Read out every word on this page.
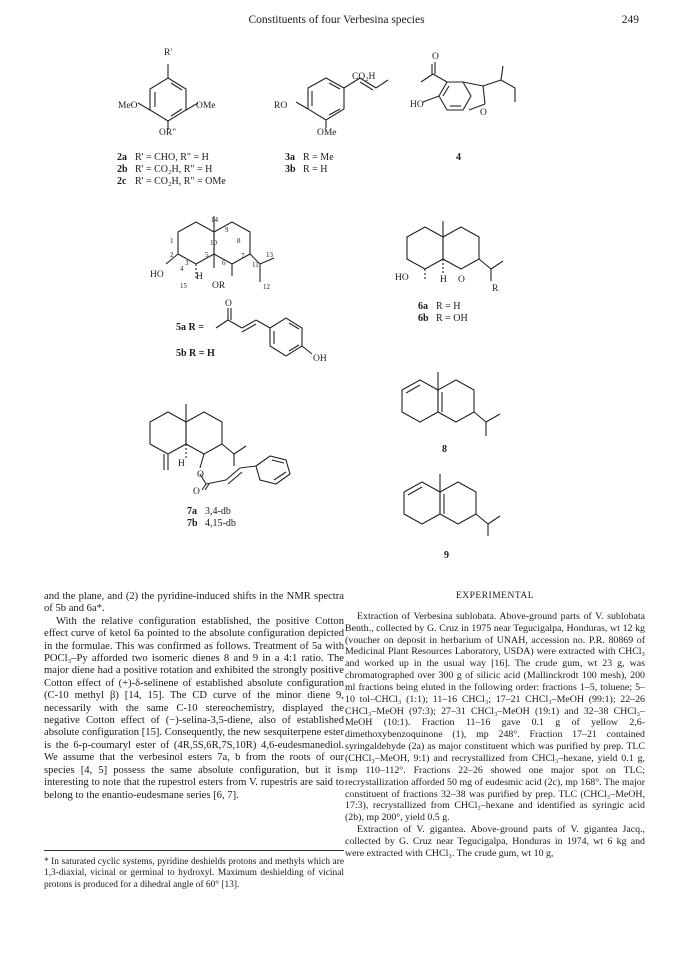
Constituents of four Verbesina species	249
R'
MeO	OMe
OR"
2a R' = CHO, R" = H
2b R' = CO₂H, R" = H
2c R' = CO₂H, R" = OMe
CO₂H
RO
OMe
3a R = Me
3b R = H
O
HO
O
4
14
1
9
10	8
2
3
5
6
7
4	11
13
15	12
HO	H
OR
5a R =
O
OH
5b R = H
HO	H O
R
6a R = H
6b R = OH
H
O
O
7a 3,4-db
7b 4,15-db
8
9

and the plane, and (2) the pyridine-induced shifts in the NMR spectra of 5b and 6a*.

With the relative configuration established, the positive Cotton effect curve of ketol 6a pointed to the absolute configuration depicted in the formulae. This was confirmed as follows. Treatment of 5a with POCl₃–Py afforded two isomeric dienes 8 and 9 in a 4:1 ratio. The major diene had a positive rotation and exhibited the strongly positive Cotton effect of (+)-δ-selinene of established absolute configuration (C-10 methyl β) [14, 15]. The CD curve of the minor diene 9, necessarily with the same C-10 stereochemistry, displayed the negative Cotton effect of (−)-selina-3,5-diene, also of established absolute configuration [15]. Consequently, the new sesquiterpene ester is the 6-p-coumaryl ester of (4R,5S,6R,7S,10R) 4,6-eudesmanediol. We assume that the verbesinol esters 7a, b from the roots of our species [4, 5] possess the same absolute configuration, but it is interesting to note that the rupestrol esters from V. rupestris are said to belong to the enantio-eudesmane series [6, 7].

* In saturated cyclic systems, pyridine deshields protons and methyls which are 1,3-diaxial, vicinal or germinal to hydroxyl. Maximum deshielding of vicinal protons is produced for a dihedral angle of 60° [13].

EXPERIMENTAL

Extraction of Verbesina sublobata. Above-ground parts of V. sublobata Benth., collected by G. Cruz in 1975 near Tegucigalpa, Honduras, wt 12 kg (voucher on deposit in herbarium of UNAH, accession no. P.R. 80869 of Medicinal Plant Resources Laboratory, USDA) were extracted with CHCl₃ and worked up in the usual way [16]. The crude gum, wt 23 g, was chromatographed over 300 g of silicic acid (Mallinckrodt 100 mesh), 200 ml fractions being eluted in the following order: fractions 1–5, toluene; 5–10 tol–CHCl₃ (1:1); 11–16 CHCl₃; 17–21 CHCl₃–MeOH (99:1); 22–26 CHCl₃–MeOH (97:3); 27–31 CHCl₃–MeOH (19:1) and 32–38 CHCl₃–MeOH (10:1). Fraction 11–16 gave 0.1 g of yellow 2,6-dimethoxybenzoquinone (1), mp 248°. Fraction 17–21 contained syringaldehyde (2a) as major constituent which was purified by prep. TLC (CHCl₃–MeOH, 9:1) and recrystallized from CHCl₃–hexane, yield 0.1 g, mp 110–112°. Fractions 22–26 showed one major spot on TLC; recrystallization afforded 50 mg of eudesmic acid (2c), mp 168°. The major constituent of fractions 32–38 was purified by prep. TLC (CHCl₃–MeOH, 17:3), recrystallized from CHCl₃–hexane and identified as syringic acid (2b), mp 200°, yield 0.5 g.

Extraction of V. gigantea. Above-ground parts of V. gigantea Jacq., collected by G. Cruz near Tegucigalpa, Honduras in 1974, wt 6 kg and were extracted with CHCl₃. The crude gum, wt 10 g,
